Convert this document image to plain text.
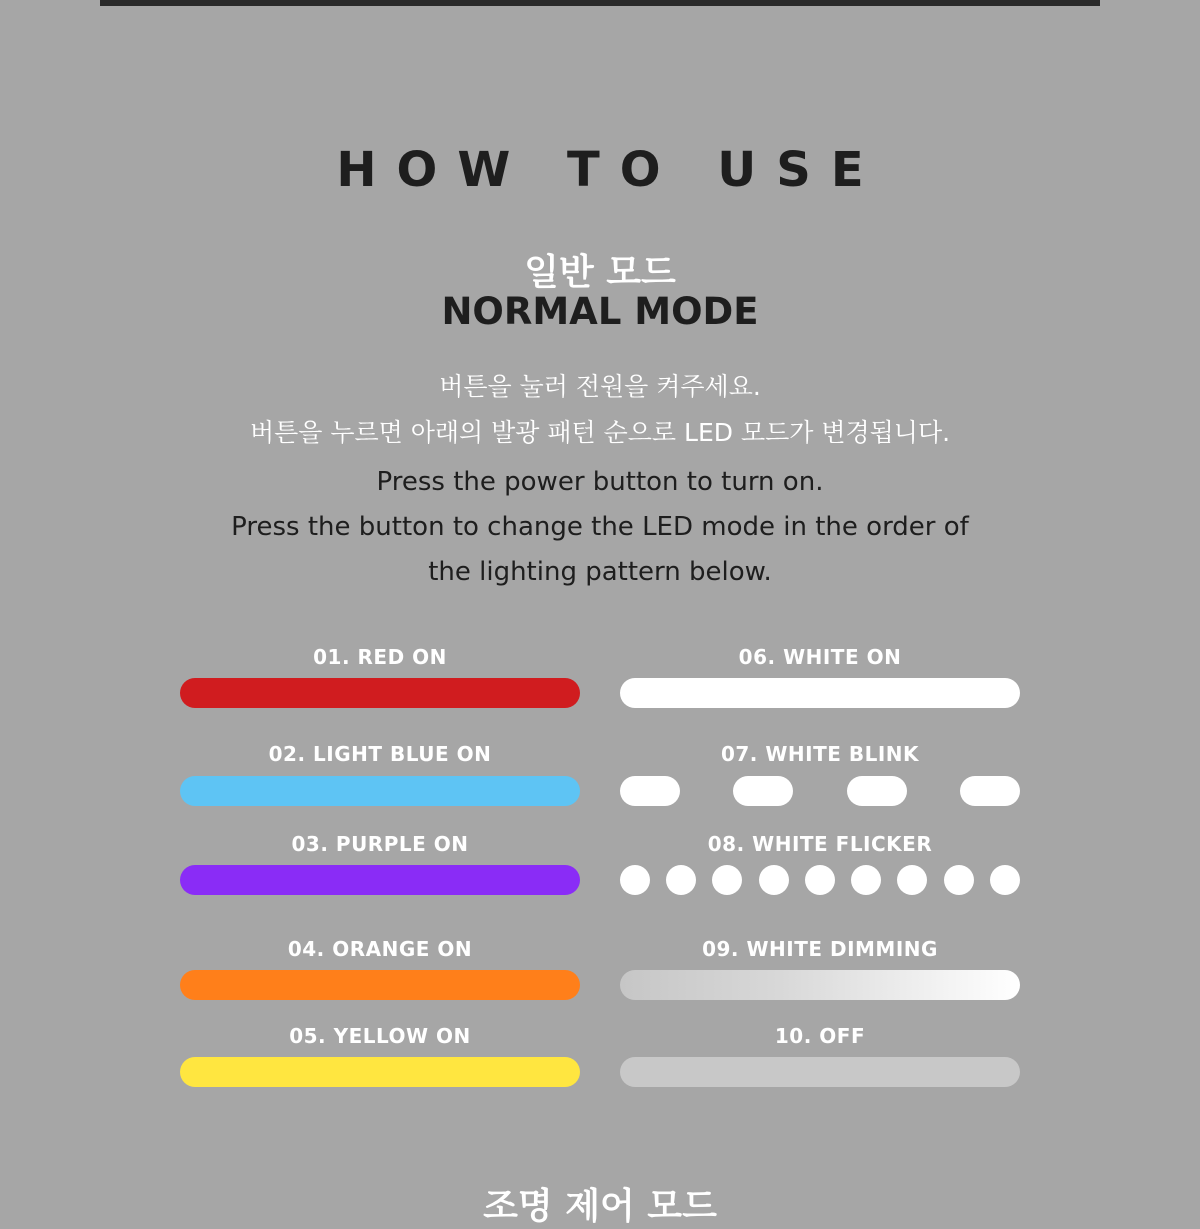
HOW TO USE
일반 모드
NORMAL MODE
버튼을 눌러 전원을 켜주세요.
버튼을 누르면 아래의 발광 패턴 순으로 LED 모드가 변경됩니다.
Press the power button to turn on.
Press the button to change the LED mode in the order of
the lighting pattern below.
01. RED ON
02. LIGHT BLUE ON
03. PURPLE ON
04. ORANGE ON
05. YELLOW ON
06. WHITE ON
07. WHITE BLINK
08. WHITE FLICKER
09. WHITE DIMMING
10. OFF
조명 제어 모드
